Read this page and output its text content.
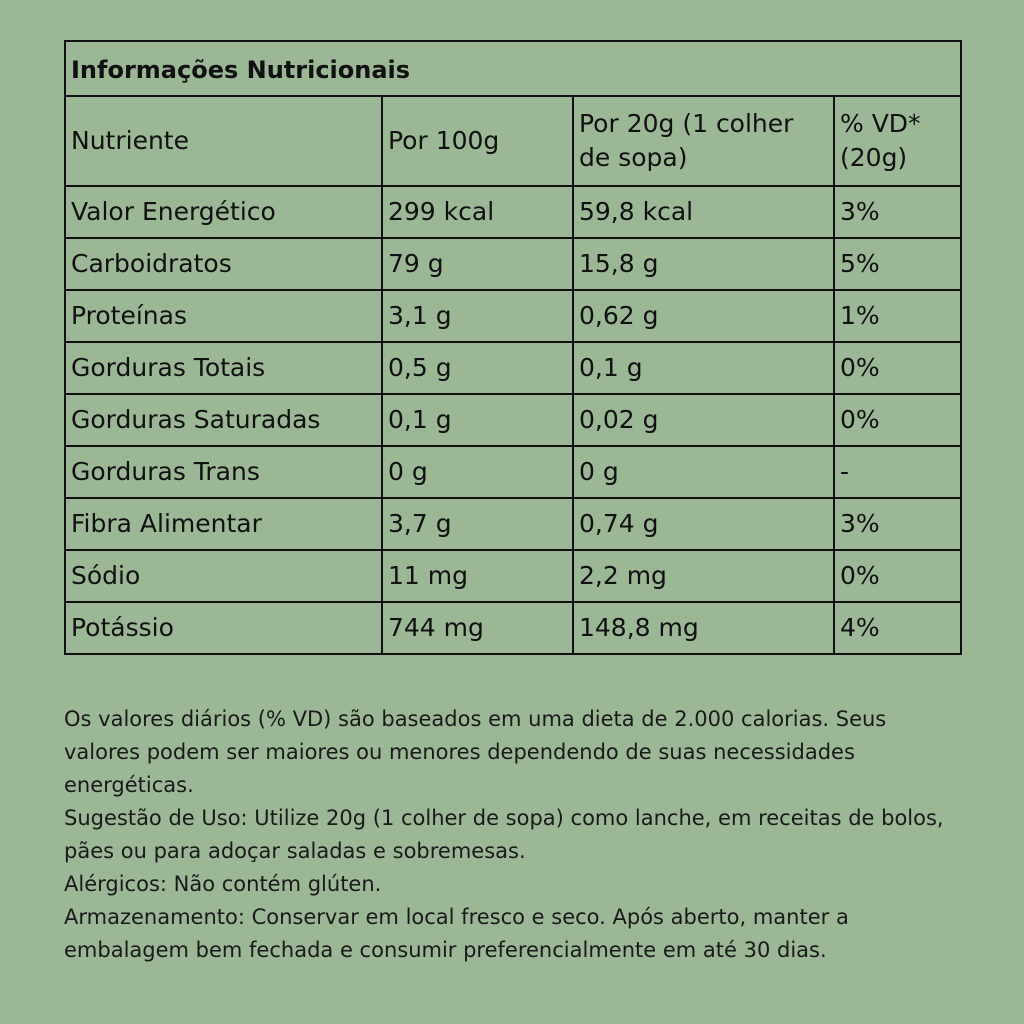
Informações Nutricionais			
Nutriente	Por 100g	Por 20g (1 colher de sopa)	% VD* (20g)
Valor Energético	299 kcal	59,8 kcal	3%
Carboidratos	79 g	15,8 g	5%
Proteínas	3,1 g	0,62 g	1%
Gorduras Totais	0,5 g	0,1 g	0%
Gorduras Saturadas	0,1 g	0,02 g	0%
Gorduras Trans	0 g	0 g	-
Fibra Alimentar	3,7 g	0,74 g	3%
Sódio	11 mg	2,2 mg	0%
Potássio	744 mg	148,8 mg	4%

Os valores diários (% VD) são baseados em uma dieta de 2.000 calorias. Seus valores podem ser maiores ou menores dependendo de suas necessidades energéticas.

Sugestão de Uso: Utilize 20g (1 colher de sopa) como lanche, em receitas de bolos, pães ou para adoçar saladas e sobremesas.

Alérgicos: Não contém glúten.

Armazenamento: Conservar em local fresco e seco. Após aberto, manter a embalagem bem fechada e consumir preferencialmente em até 30 dias.
